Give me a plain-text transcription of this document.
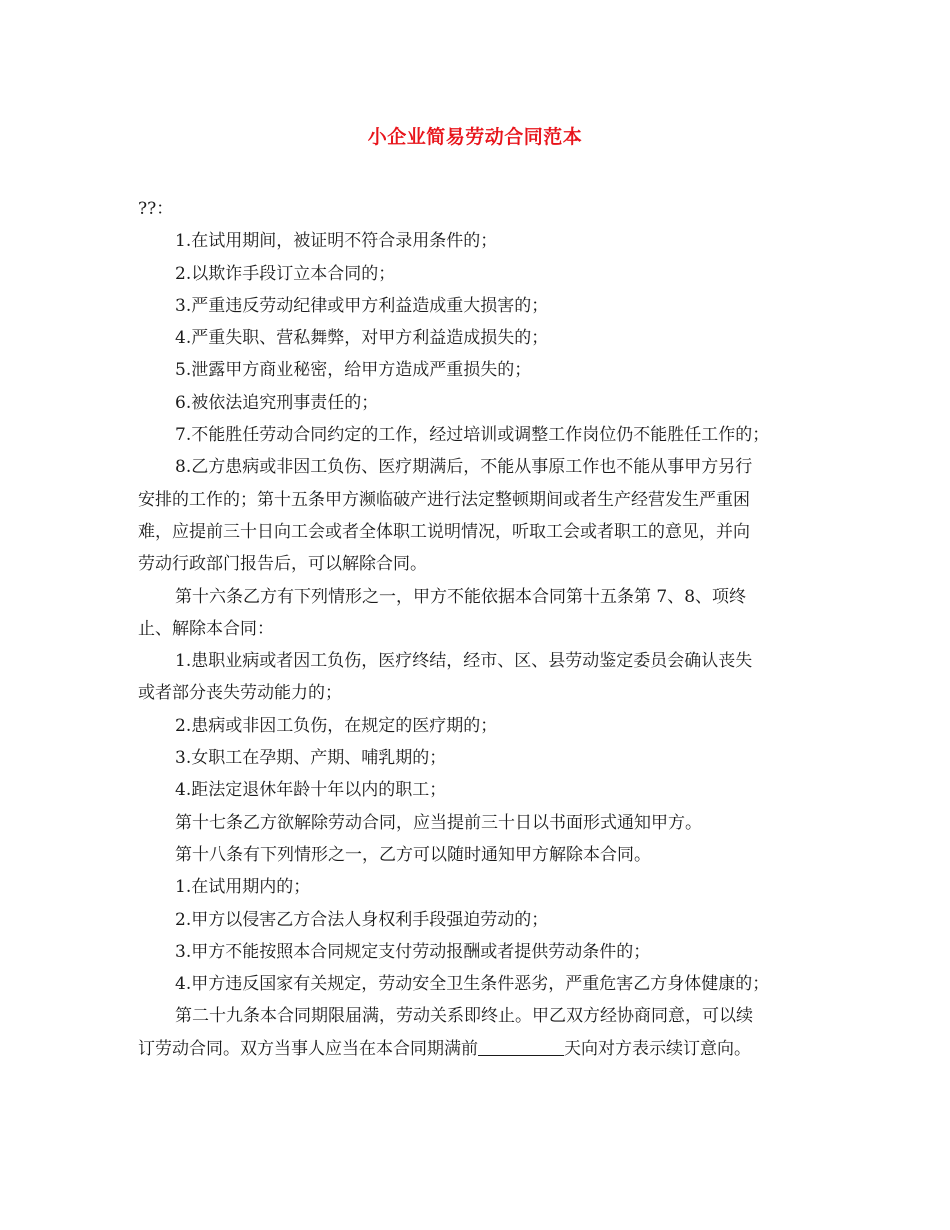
小企业简易劳动合同范本
??：
1.在试用期间，被证明不符合录用条件的；
2.以欺诈手段订立本合同的；
3.严重违反劳动纪律或甲方利益造成重大损害的；
4.严重失职、营私舞弊，对甲方利益造成损失的；
5.泄露甲方商业秘密，给甲方造成严重损失的；
6.被依法追究刑事责任的；
7.不能胜任劳动合同约定的工作，经过培训或调整工作岗位仍不能胜任工作的；
8.乙方患病或非因工负伤、医疗期满后，不能从事原工作也不能从事甲方另行
安排的工作的；第十五条甲方濒临破产进行法定整顿期间或者生产经营发生严重困
难，应提前三十日向工会或者全体职工说明情况，听取工会或者职工的意见，并向
劳动行政部门报告后，可以解除合同。
第十六条乙方有下列情形之一，甲方不能依据本合同第十五条第 7、8、项终
止、解除本合同：
1.患职业病或者因工负伤，医疗终结，经市、区、县劳动鉴定委员会确认丧失
或者部分丧失劳动能力的；
2.患病或非因工负伤，在规定的医疗期的；
3.女职工在孕期、产期、哺乳期的；
4.距法定退休年龄十年以内的职工；
第十七条乙方欲解除劳动合同，应当提前三十日以书面形式通知甲方。
第十八条有下列情形之一，乙方可以随时通知甲方解除本合同。
1.在试用期内的；
2.甲方以侵害乙方合法人身权利手段强迫劳动的；
3.甲方不能按照本合同规定支付劳动报酬或者提供劳动条件的；
4.甲方违反国家有关规定，劳动安全卫生条件恶劣，严重危害乙方身体健康的；
第二十九条本合同期限届满，劳动关系即终止。甲乙双方经协商同意，可以续
订劳动合同。双方当事人应当在本合同期满前	天向对方表示续订意向。
